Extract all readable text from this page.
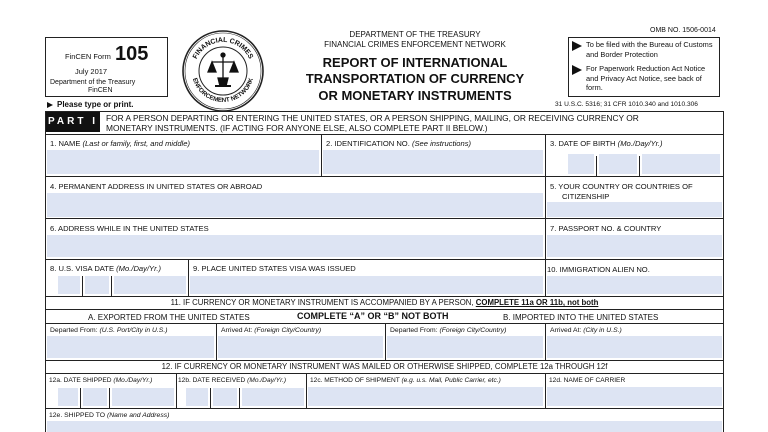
FinCEN Form 105
July 2017
Department of the Treasury
FinCEN
Please type or print.
FINANCIAL CRIMES
ENFORCEMENT NETWORK
DEPARTMENT OF THE TREASURY
FINANCIAL CRIMES ENFORCEMENT NETWORK
REPORT OF INTERNATIONAL
TRANSPORTATION OF CURRENCY
OR MONETARY INSTRUMENTS
OMB NO. 1506-0014
To be filed with the Bureau of Customs and Border Protection
For Paperwork Reduction Act Notice and Privacy Act Notice, see back of form.
31 U.S.C. 5316; 31 CFR 1010.340 and 1010.306
PART I FOR A PERSON DEPARTING OR ENTERING THE UNITED STATES, OR A PERSON SHIPPING, MAILING, OR RECEIVING CURRENCY OR
MONETARY INSTRUMENTS. (IF ACTING FOR ANYONE ELSE, ALSO COMPLETE PART II BELOW.)
1. NAME (Last or family, first, and middle)	2. IDENTIFICATION NO. (See instructions)	3. DATE OF BIRTH (Mo./Day/Yr.)
4. PERMANENT ADDRESS IN UNITED STATES OR ABROAD	5. YOUR COUNTRY OR COUNTRIES OF
CITIZENSHIP
6. ADDRESS WHILE IN THE UNITED STATES	7. PASSPORT NO. & COUNTRY
8. U.S. VISA DATE (Mo./Day/Yr.)	9. PLACE UNITED STATES VISA WAS ISSUED	10. IMMIGRATION ALIEN NO.
11. IF CURRENCY OR MONETARY INSTRUMENT IS ACCOMPANIED BY A PERSON, COMPLETE 11a OR 11b, not both
A. EXPORTED FROM THE UNITED STATES	COMPLETE “A” OR “B” NOT BOTH	B. IMPORTED INTO THE UNITED STATES
Departed From: (U.S. Port/City in U.S.)	Arrived At: (Foreign City/Country)	Departed From: (Foreign City/Country)	Arrived At: (City in U.S.)
12. IF CURRENCY OR MONETARY INSTRUMENT WAS MAILED OR OTHERWISE SHIPPED, COMPLETE 12a THROUGH 12f
12a. DATE SHIPPED (Mo./Day/Yr.)	12b. DATE RECEIVED (Mo./Day/Yr.)	12c. METHOD OF SHIPMENT (e.g. u.s. Mail, Public Carrier, etc.)	12d. NAME OF CARRIER
12e. SHIPPED TO (Name and Address)
